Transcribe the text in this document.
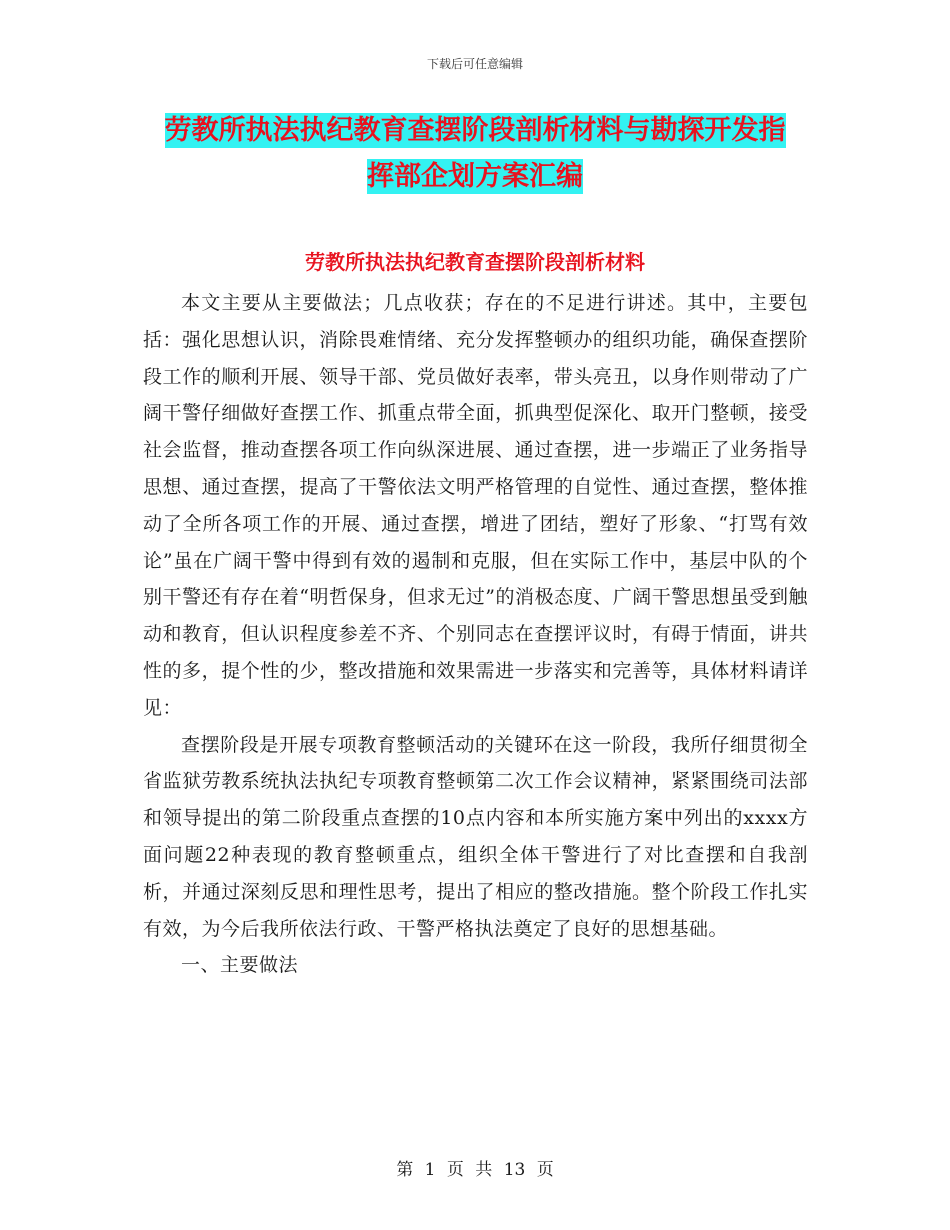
下载后可任意编辑
劳教所执法执纪教育查摆阶段剖析材料与勘探开发指
挥部企划方案汇编
劳教所执法执纪教育查摆阶段剖析材料

本文主要从主要做法；几点收获；存在的不足进行讲述。其中，主要包括：强化思想认识，消除畏难情绪、充分发挥整顿办的组织功能，确保查摆阶段工作的顺利开展、领导干部、党员做好表率，带头亮丑，以身作则带动了广阔干警仔细做好查摆工作、抓重点带全面，抓典型促深化、取开门整顿，接受社会监督，推动查摆各项工作向纵深进展、通过查摆，进一步端正了业务指导思想、通过查摆，提高了干警依法文明严格管理的自觉性、通过查摆，整体推动了全所各项工作的开展、通过查摆，增进了团结，塑好了形象、“打骂有效论”虽在广阔干警中得到有效的遏制和克服，但在实际工作中，基层中队的个别干警还有存在着“明哲保身，但求无过”的消极态度、广阔干警思想虽受到触动和教育，但认识程度参差不齐、个别同志在查摆评议时，有碍于情面，讲共性的多，提个性的少，整改措施和效果需进一步落实和完善等，具体材料请详见：

查摆阶段是开展专项教育整顿活动的关键环在这一阶段，我所仔细贯彻全省监狱劳教系统执法执纪专项教育整顿第二次工作会议精神，紧紧围绕司法部和领导提出的第二阶段重点查摆的10点内容和本所实施方案中列出的xxxx方面问题22种表现的教育整顿重点，组织全体干警进行了对比查摆和自我剖析，并通过深刻反思和理性思考，提出了相应的整改措施。整个阶段工作扎实有效，为今后我所依法行政、干警严格执法奠定了良好的思想基础。

一、主要做法

第 1 页 共 13 页
